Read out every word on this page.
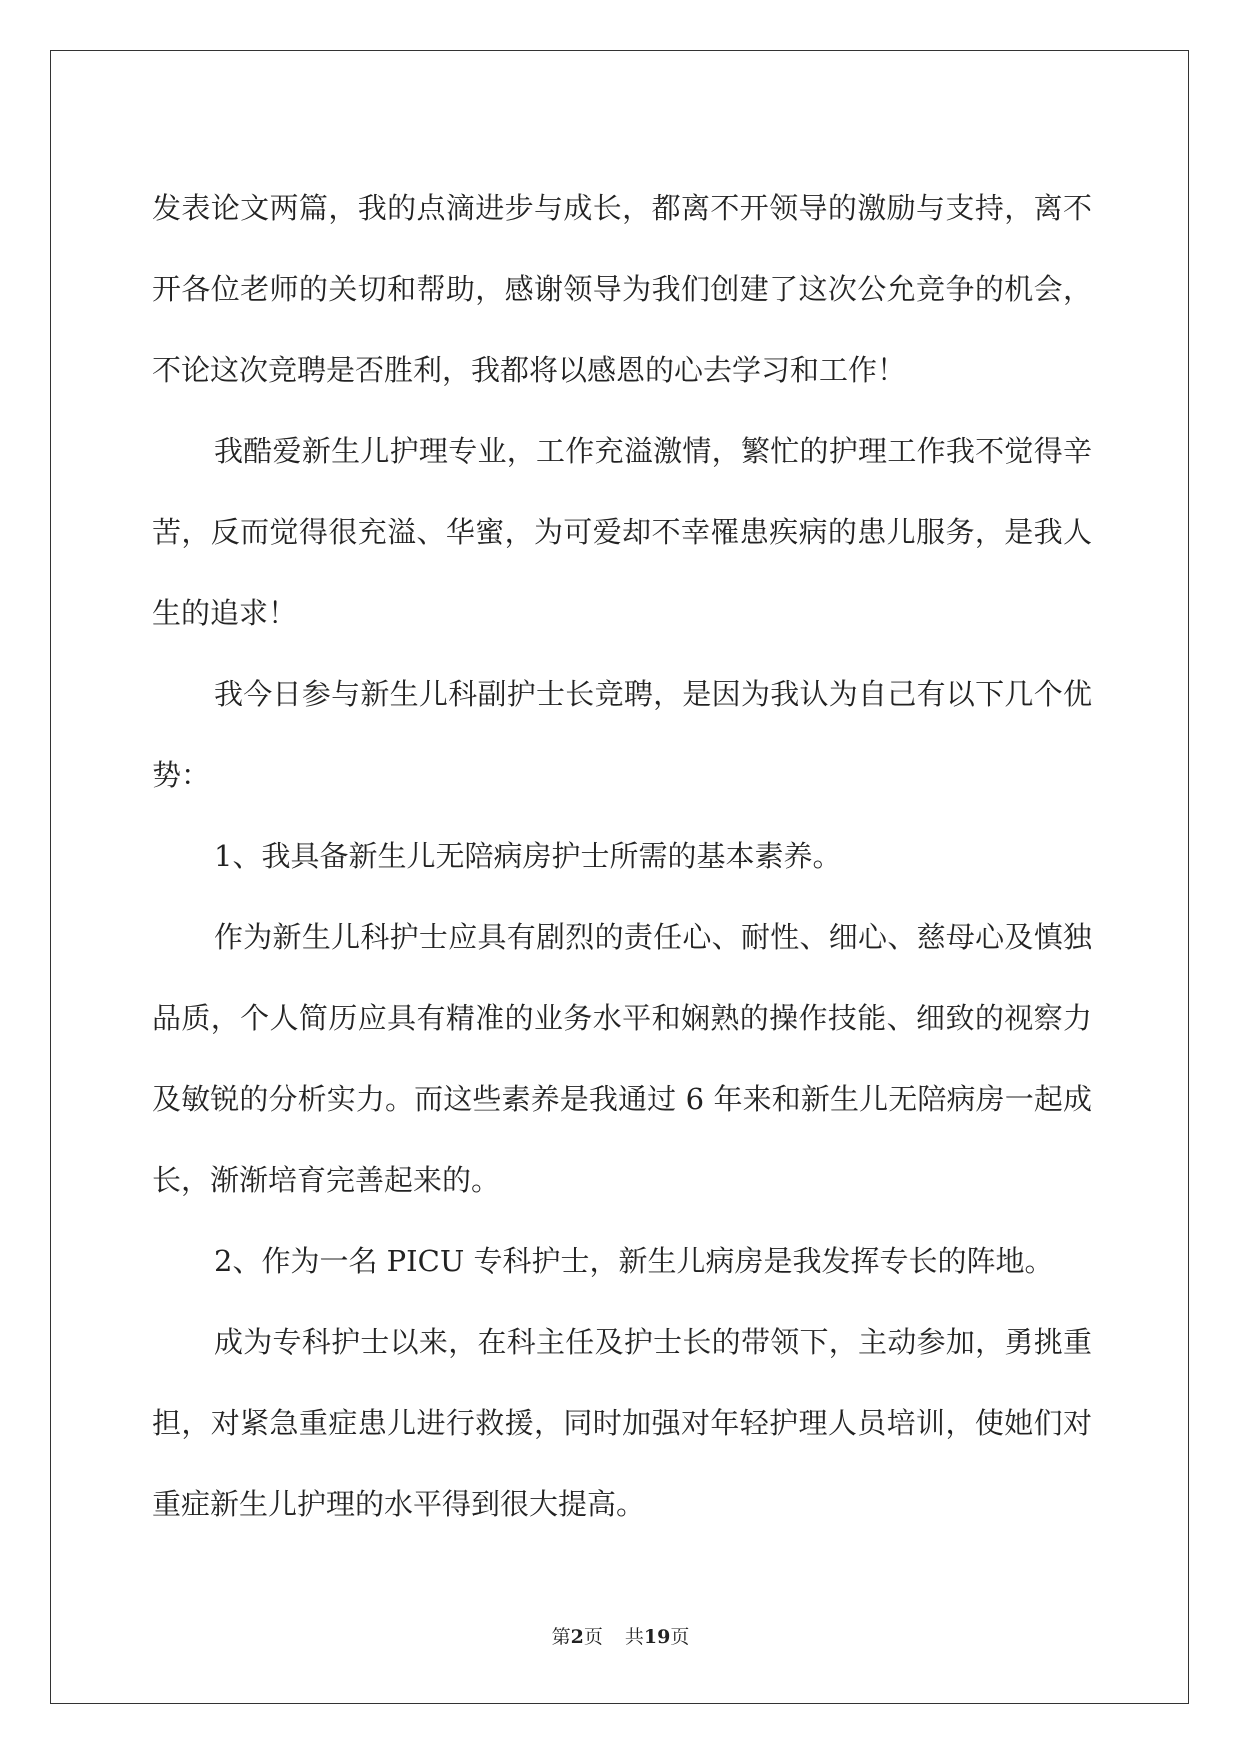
发表论文两篇，我的点滴进步与成长，都离不开领导的激励与支持，离不开各位老师的关切和帮助，感谢领导为我们创建了这次公允竞争的机会，不论这次竞聘是否胜利，我都将以感恩的心去学习和工作！

我酷爱新生儿护理专业，工作充溢激情，繁忙的护理工作我不觉得辛苦，反而觉得很充溢、华蜜，为可爱却不幸罹患疾病的患儿服务，是我人生的追求！

我今日参与新生儿科副护士长竞聘，是因为我认为自己有以下几个优势：

1、我具备新生儿无陪病房护士所需的基本素养。

作为新生儿科护士应具有剧烈的责任心、耐性、细心、慈母心及慎独品质，个人简历应具有精准的业务水平和娴熟的操作技能、细致的视察力及敏锐的分析实力。而这些素养是我通过 6 年来和新生儿无陪病房一起成长，渐渐培育完善起来的。

2、作为一名 PICU 专科护士，新生儿病房是我发挥专长的阵地。

成为专科护士以来，在科主任及护士长的带领下，主动参加，勇挑重担，对紧急重症患儿进行救援，同时加强对年轻护理人员培训，使她们对重症新生儿护理的水平得到很大提高。

第2页 共19页
